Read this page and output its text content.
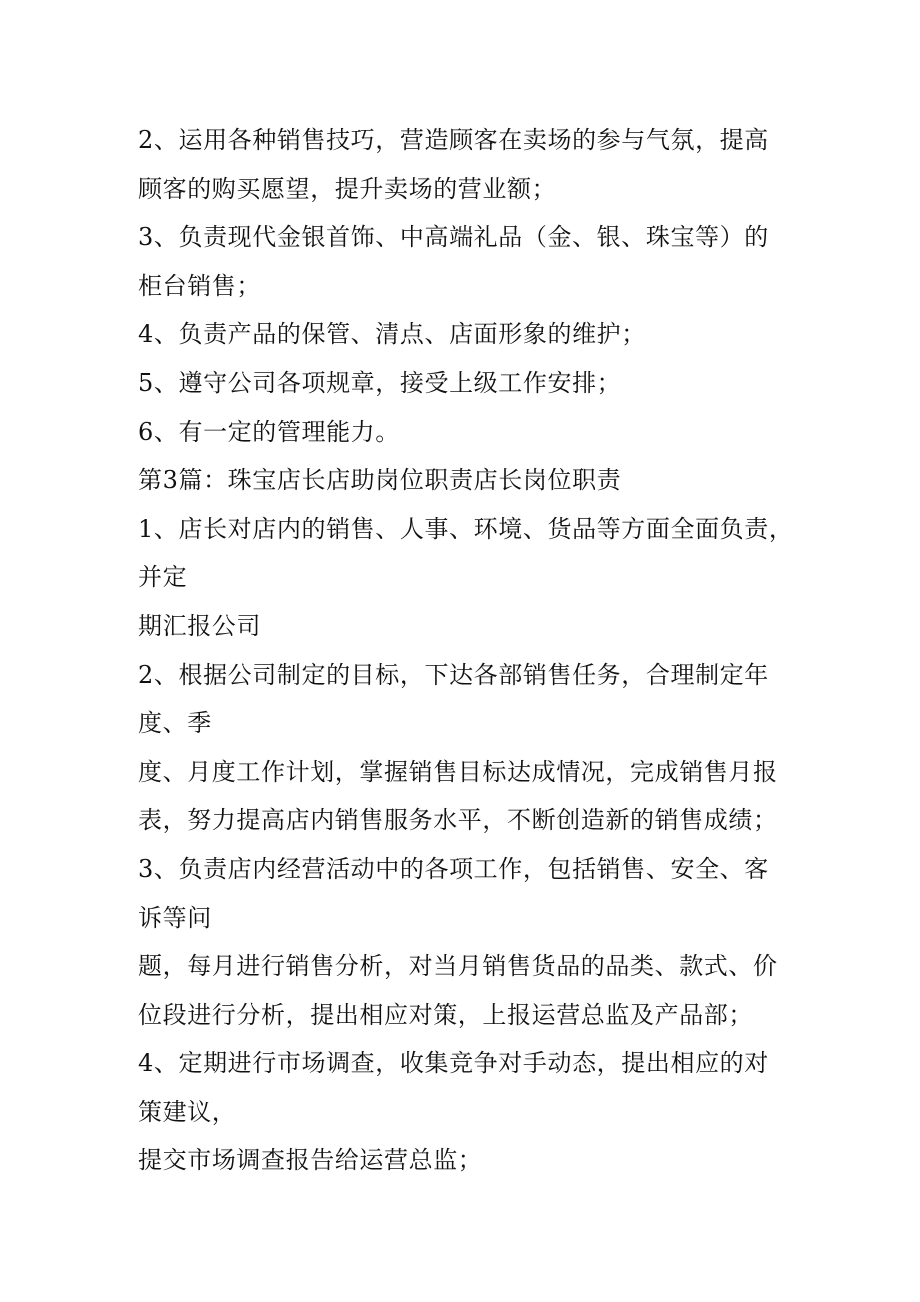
2、运用各种销售技巧，营造顾客在卖场的参与气氛，提高
顾客的购买愿望，提升卖场的营业额；
3、负责现代金银首饰、中高端礼品（金、银、珠宝等）的
柜台销售；
4、负责产品的保管、清点、店面形象的维护；
5、遵守公司各项规章，接受上级工作安排；
6、有一定的管理能力。
第3篇：珠宝店长店助岗位职责店长岗位职责
1、店长对店内的销售、人事、环境、货品等方面全面负责，
并定
期汇报公司
2、根据公司制定的目标，下达各部销售任务，合理制定年
度、季
度、月度工作计划，掌握销售目标达成情况，完成销售月报
表，努力提高店内销售服务水平，不断创造新的销售成绩；
3、负责店内经营活动中的各项工作，包括销售、安全、客
诉等问
题，每月进行销售分析，对当月销售货品的品类、款式、价
位段进行分析，提出相应对策，上报运营总监及产品部；
4、定期进行市场调查，收集竞争对手动态，提出相应的对
策建议，
提交市场调查报告给运营总监；
